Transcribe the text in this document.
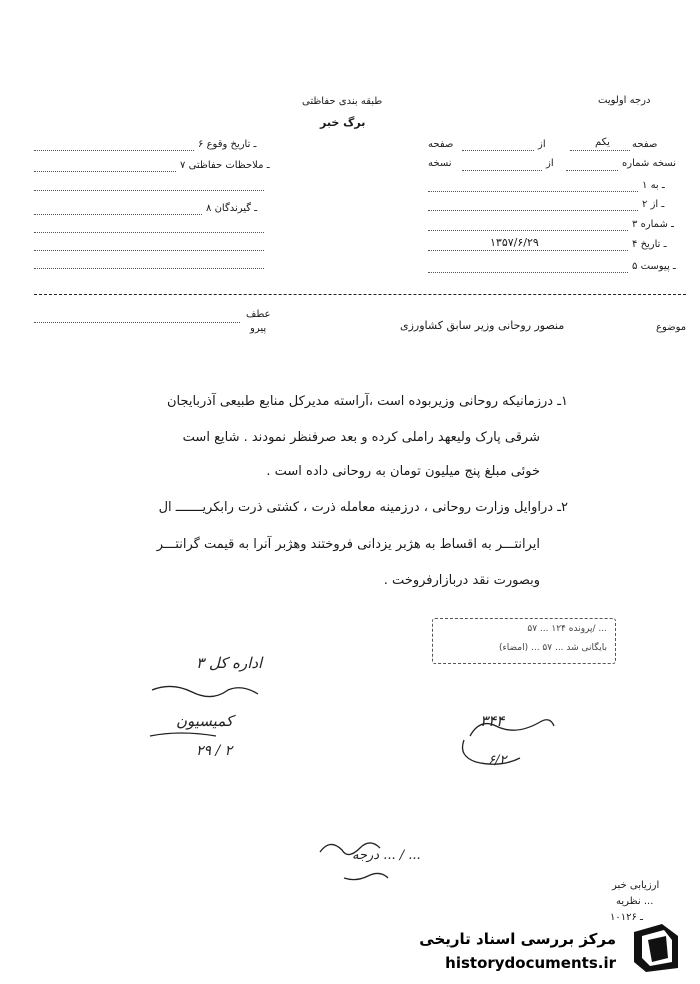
درجه اولویت
طبقه بندی حفاظتی
برگ خبر
صفحه
یکم
از
صفحه
نسخه شماره
از
نسخه
۱ ـ به
۲ ـ از
۳ ـ شماره
۴ ـ تاریخ
۱۳۵۷/۶/۲۹
۵ ـ پیوست
۶ ـ تاریخ وقوع
۷ ـ ملاحظات حفاظتی
۸ ـ گیرندگان
موضوع
منصور روحانی وزیر سابق کشاورزی
عطف
پیرو
۱ـ درزمانیکه روحانی وزیربوده است ،آراسته مدیرکل منابع طبیعی آذربایجان
شرقی پارک ولیعهد راملی کرده و بعد صرفنظر نمودند . شایع است
خوئی مبلغ پنج میلیون تومان به روحانی داده است .
۲ـ دراوایل وزارت روحانی ، درزمینه معامله ذرت ، کشتی ذرت رابکریـــــــ ال
ایرانتـــر به اقساط به هژبر یزدانی فروختند وهژبر آنرا به قیمت گرانتـــر
وبصورت نقد دربازارفروخت .
پرونده ۱۲۴ ... ۵۷/ ...
بایگانی شد ... ۵۷ ... (امضاء)
اداره کل ۳
کمیسیون
۲۹ / ۲
۳۴۴
۶/۲
درجه ... / ...
ارزیابی خبر
نظریه ...
۱۰۱ـ ۲۶
مرکز بررسی اسناد تاریخی
historydocuments.ir
